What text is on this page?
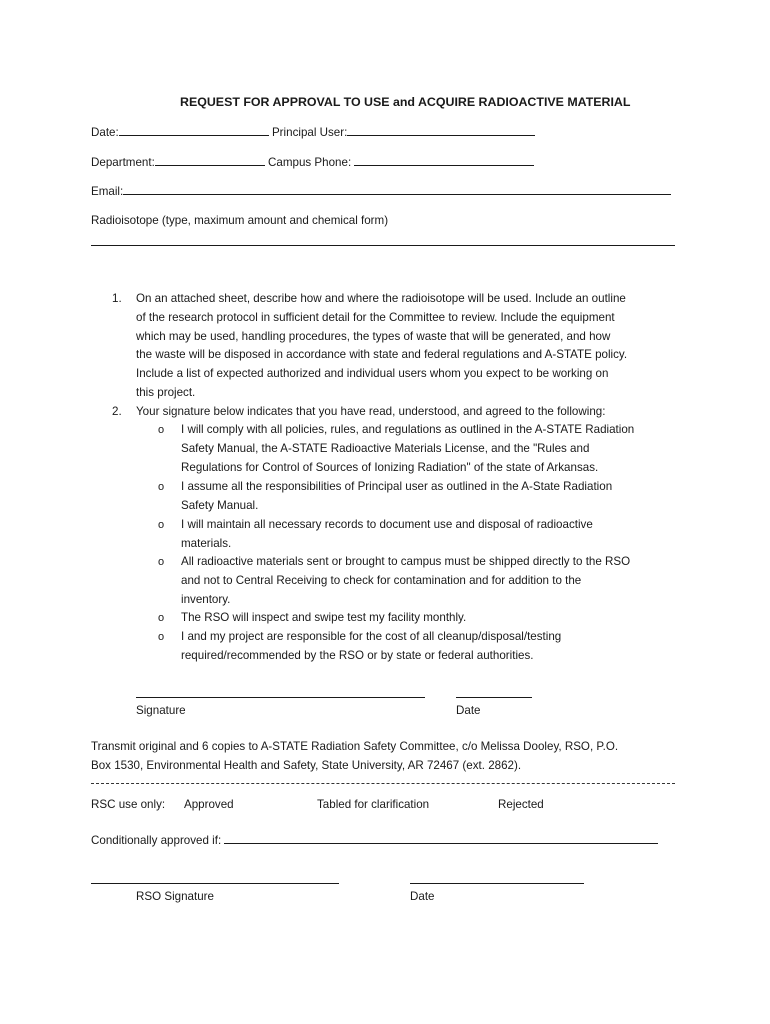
REQUEST FOR APPROVAL TO USE and ACQUIRE RADIOACTIVE MATERIAL
Date:	Principal User:
Department:	Campus Phone:
Email:
Radioisotope (type, maximum amount and chemical form)
1. On an attached sheet, describe how and where the radioisotope will be used. Include an outline
of the research protocol in sufficient detail for the Committee to review. Include the equipment
which may be used, handling procedures, the types of waste that will be generated, and how
the waste will be disposed in accordance with state and federal regulations and A-STATE policy.
Include a list of expected authorized and individual users whom you expect to be working on
this project.
2. Your signature below indicates that you have read, understood, and agreed to the following:
o I will comply with all policies, rules, and regulations as outlined in the A-STATE Radiation
Safety Manual, the A-STATE Radioactive Materials License, and the "Rules and
Regulations for Control of Sources of Ionizing Radiation" of the state of Arkansas.
o I assume all the responsibilities of Principal user as outlined in the A-State Radiation
Safety Manual.
o I will maintain all necessary records to document use and disposal of radioactive
materials.
o All radioactive materials sent or brought to campus must be shipped directly to the RSO
and not to Central Receiving to check for contamination and for addition to the
inventory.
o The RSO will inspect and swipe test my facility monthly.
o I and my project are responsible for the cost of all cleanup/disposal/testing
required/recommended by the RSO or by state or federal authorities.
Signature	Date
Transmit original and 6 copies to A-STATE Radiation Safety Committee, c/o Melissa Dooley, RSO, P.O.
Box 1530, Environmental Health and Safety, State University, AR 72467 (ext. 2862).
RSC use only: Approved	Tabled for clarification	Rejected
Conditionally approved if:
RSO Signature	Date
